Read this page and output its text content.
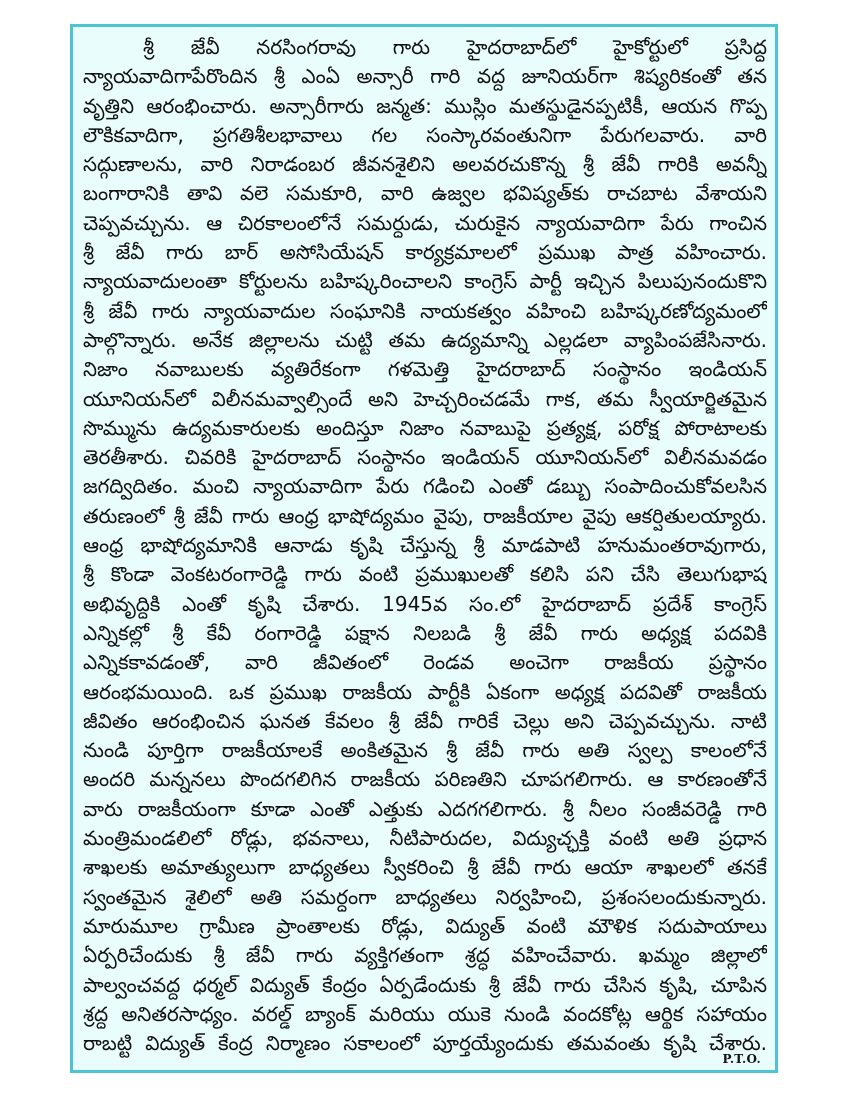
శ్రీ జేవీ నరసింగరావు గారు హైదరాబాద్‌లో హైకోర్టులో ప్రసిద్ధ
న్యాయవాదిగాపేరొందిన శ్రీ ఎంఏ అన్సారీ గారి వద్ద జూనియర్‌గా శిష్యరికంతో తన
వృత్తిని ఆరంభించారు. అన్సారీగారు జన్మత: ముస్లిం మతస్థుడైనప్పటికీ, ఆయన గొప్ప
లౌకికవాదిగా, ప్రగతిశీలభావాలు గల సంస్కారవంతునిగా పేరుగలవారు. వారి
సద్గుణాలను, వారి నిరాడంబర జీవనశైలిని అలవరచుకొన్న శ్రీ జేవీ గారికి అవన్నీ
బంగారానికి తావి వలె సమకూరి, వారి ఉజ్వల భవిష్యత్‌కు రాచబాట వేశాయని
చెప్పవచ్చును. ఆ చిరకాలంలోనే సమర్ధుడు, చురుకైన న్యాయవాదిగా పేరు గాంచిన
శ్రీ జేవీ గారు బార్ అసోసియేషన్ కార్యక్రమాలలో ప్రముఖ పాత్ర వహించారు.
న్యాయవాదులంతా కోర్టులను బహిష్కరించాలని కాంగ్రెస్ పార్టీ ఇచ్చిన పిలుపునందుకొని
శ్రీ జేవీ గారు న్యాయవాదుల సంఘానికి నాయకత్వం వహించి బహిష్కరణోద్యమంలో
పాల్గొన్నారు. అనేక జిల్లాలను చుట్టి తమ ఉద్యమాన్ని ఎల్లడలా వ్యాపింపజేసినారు.
నిజాం నవాబులకు వ్యతిరేకంగా గళమెత్తి హైదరాబాద్ సంస్థానం ఇండియన్
యూనియన్‌లో విలీనమవ్వాల్సిందే అని హెచ్చరించడమే గాక, తమ స్వీయార్జితమైన
సొమ్మును ఉద్యమకారులకు అందిస్తూ నిజాం నవాబుపై ప్రత్యక్ష, పరోక్ష పోరాటాలకు
తెరతీశారు. చివరికి హైదరాబాద్ సంస్థానం ఇండియన్ యూనియన్‌లో విలీనమవడం
జగద్విదితం. మంచి న్యాయవాదిగా పేరు గడించి ఎంతో డబ్బు సంపాదించుకోవలసిన
తరుణంలో శ్రీ జేవీ గారు ఆంధ్ర భాషోద్యమం వైపు, రాజకీయాల వైపు ఆకర్షితులయ్యారు.
ఆంధ్ర భాషోద్యమానికి ఆనాడు కృషి చేస్తున్న శ్రీ మాడపాటి హనుమంతరావుగారు,
శ్రీ కొండా వెంకటరంగారెడ్డి గారు వంటి ప్రముఖులతో కలిసి పని చేసి తెలుగుభాష
అభివృద్ధికి ఎంతో కృషి చేశారు. 1945వ సం.లో హైదరాబాద్ ప్రదేశ్ కాంగ్రెస్
ఎన్నికల్లో శ్రీ కేవీ రంగారెడ్డి పక్షాన నిలబడి శ్రీ జేవీ గారు అధ్యక్ష పదవికి
ఎన్నికకావడంతో, వారి జీవితంలో రెండవ అంచెగా రాజకీయ ప్రస్థానం
ఆరంభమయింది. ఒక ప్రముఖ రాజకీయ పార్టీకి ఏకంగా అధ్యక్ష పదవితో రాజకీయ
జీవితం ఆరంభించిన ఘనత కేవలం శ్రీ జేవీ గారికే చెల్లు అని చెప్పవచ్చును. నాటి
నుండి పూర్తిగా రాజకీయాలకే అంకితమైన శ్రీ జేవీ గారు అతి స్వల్ప కాలంలోనే
అందరి మన్ననలు పొందగలిగిన రాజకీయ పరిణతిని చూపగలిగారు. ఆ కారణంతోనే
వారు రాజకీయంగా కూడా ఎంతో ఎత్తుకు ఎదగగలిగారు. శ్రీ నీలం సంజీవరెడ్డి గారి
మంత్రిమండలిలో రోడ్లు, భవనాలు, నీటిపారుదల, విద్యుచ్ఛక్తి వంటి అతి ప్రధాన
శాఖలకు అమాత్యులుగా బాధ్యతలు స్వీకరించి శ్రీ జేవీ గారు ఆయా శాఖలలో తనకే
స్వంతమైన శైలిలో అతి సమర్ధంగా బాధ్యతలు నిర్వహించి, ప్రశంసలందుకున్నారు.
మారుమూల గ్రామీణ ప్రాంతాలకు రోడ్లు, విద్యుత్ వంటి మౌళిక సదుపాయాలు
ఏర్పరిచేందుకు శ్రీ జేవీ గారు వ్యక్తిగతంగా శ్రద్ధ వహించేవారు. ఖమ్మం జిల్లాలో
పాల్వంచవద్ద ధర్మల్ విద్యుత్ కేంద్రం ఏర్పడేందుకు శ్రీ జేవీ గారు చేసిన కృషి, చూపిన
శ్రద్ధ అనితరసాధ్యం. వరల్డ్ బ్యాంక్ మరియు యుకె నుండి వందకోట్ల ఆర్థిక సహాయం
రాబట్టి విద్యుత్ కేంద్ర నిర్మాణం సకాలంలో పూర్తయ్యేందుకు తమవంతు కృషి చేశారు.
P.T.O.
